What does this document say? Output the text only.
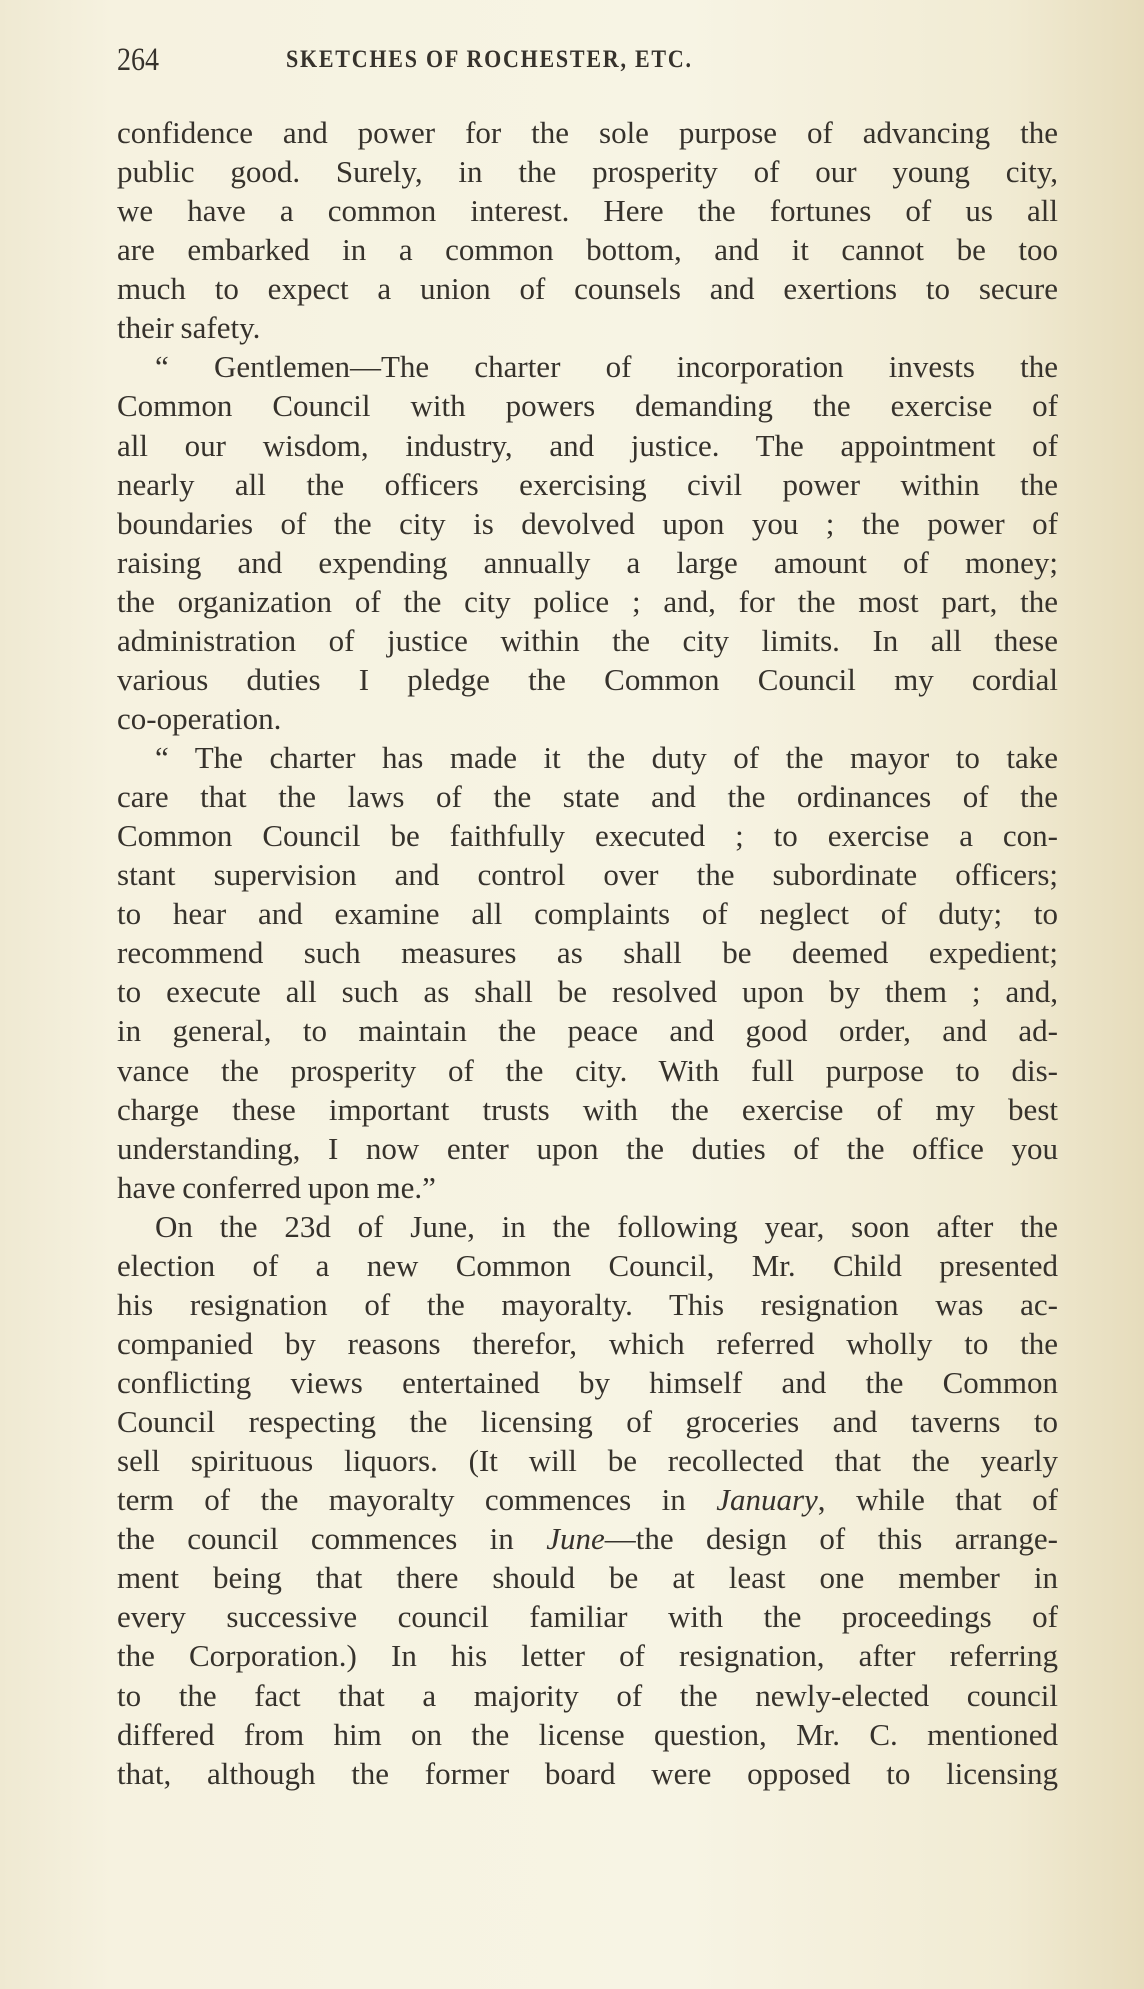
264	SKETCHES OF ROCHESTER, ETC.
confidence and power for the sole purpose of advancing the
public good. Surely, in the prosperity of our young city,
we have a common interest. Here the fortunes of us all
are embarked in a common bottom, and it cannot be too
much to expect a union of counsels and exertions to secure
their safety.
“ Gentlemen—The charter of incorporation invests the
Common Council with powers demanding the exercise of
all our wisdom, industry, and justice. The appointment of
nearly all the officers exercising civil power within the
boundaries of the city is devolved upon you ; the power of
raising and expending annually a large amount of money;
the organization of the city police ; and, for the most part, the
administration of justice within the city limits. In all these
various duties I pledge the Common Council my cordial
co-operation.
“ The charter has made it the duty of the mayor to take
care that the laws of the state and the ordinances of the
Common Council be faithfully executed ; to exercise a con-
stant supervision and control over the subordinate officers;
to hear and examine all complaints of neglect of duty; to
recommend such measures as shall be deemed expedient;
to execute all such as shall be resolved upon by them ; and,
in general, to maintain the peace and good order, and ad-
vance the prosperity of the city. With full purpose to dis-
charge these important trusts with the exercise of my best
understanding, I now enter upon the duties of the office you
have conferred upon me.”
On the 23d of June, in the following year, soon after the
election of a new Common Council, Mr. Child presented
his resignation of the mayoralty. This resignation was ac-
companied by reasons therefor, which referred wholly to the
conflicting views entertained by himself and the Common
Council respecting the licensing of groceries and taverns to
sell spirituous liquors. (It will be recollected that the yearly
term of the mayoralty commences in January, while that of
the council commences in June—the design of this arrange-
ment being that there should be at least one member in
every successive council familiar with the proceedings of
the Corporation.) In his letter of resignation, after referring
to the fact that a majority of the newly-elected council
differed from him on the license question, Mr. C. mentioned
that, although the former board were opposed to licensing
